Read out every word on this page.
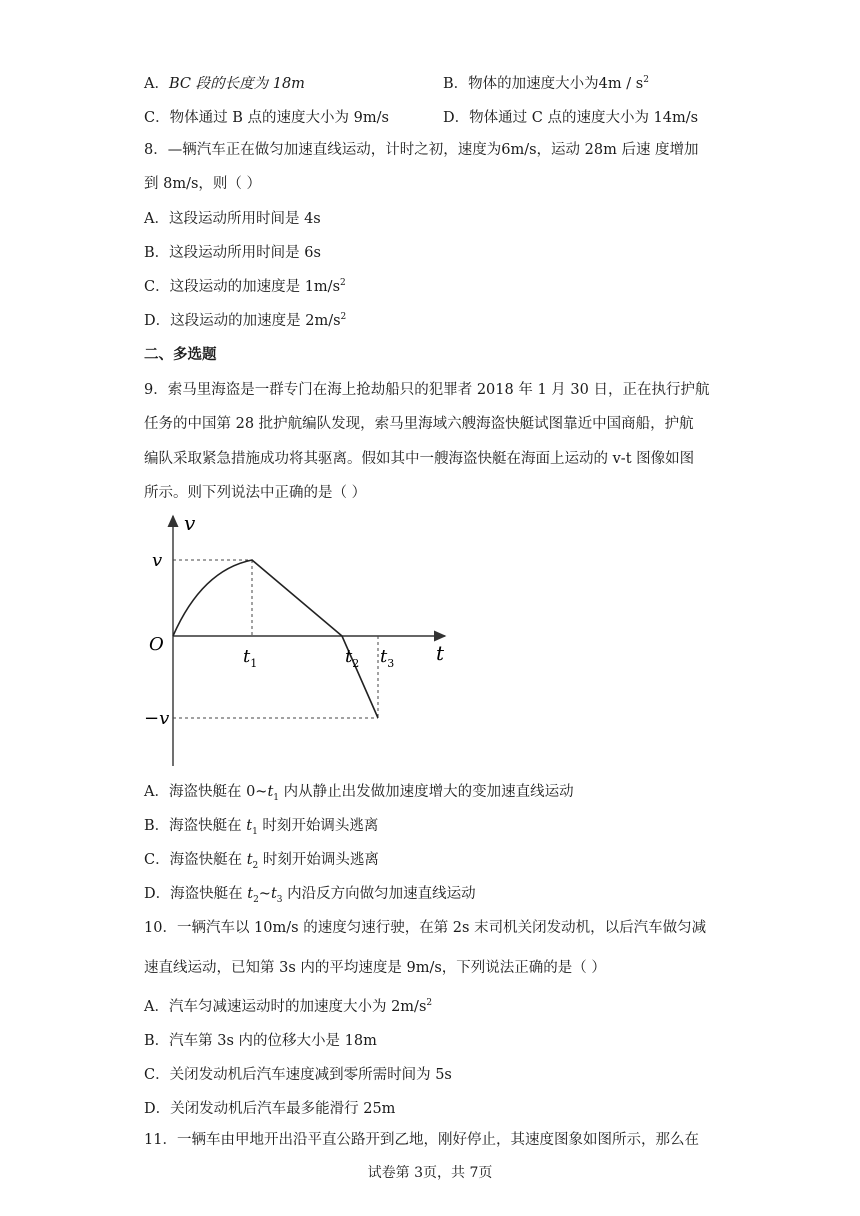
A．BC 段的长度为 18m	B．物体的加速度大小为$4m / s^2$
C．物体通过 B 点的速度大小为 9m/s	D．物体通过 C 点的速度大小为 14m/s
8．—辆汽车正在做匀加速直线运动，计时之初，速度为6m/s，运动 28m 后速 度增加
到 8m/s，则（ ）
A．这段运动所用时间是 4s
B．这段运动所用时间是 6s
C．这段运动的加速度是 $1m/s^2$
D．这段运动的加速度是 $2m/s^2$
二、多选题
9．索马里海盗是一群专门在海上抢劫船只的犯罪者 2018 年 1 月 30 日，正在执行护航
任务的中国第 28 批护航编队发现，索马里海域六艘海盗快艇试图靠近中国商船，护航
编队采取紧急措施成功将其驱离。假如其中一艘海盗快艇在海面上运动的 v-t 图像如图
所示。则下列说法中正确的是（ ）
v
t
O
v
−v
$t_1$	$t_2$ $t_3$
A．海盗快艇在 $0\sim t_1$ 内从静止出发做加速度增大的变加速直线运动
B．海盗快艇在 $t_1$ 时刻开始调头逃离
C．海盗快艇在 $t_2$ 时刻开始调头逃离
D．海盗快艇在 $t_2\sim t_3$ 内沿反方向做匀加速直线运动
10．一辆汽车以 10m/s 的速度匀速行驶，在第 2s 末司机关闭发动机，以后汽车做匀减
速直线运动，已知第 3s 内的平均速度是 9m/s，下列说法正确的是（ ）
A．汽车匀减速运动时的加速度大小为 $2m/s^2$
B．汽车第 3s 内的位移大小是 18m
C．关闭发动机后汽车速度减到零所需时间为 5s
D．关闭发动机后汽车最多能滑行 25m
11．一辆车由甲地开出沿平直公路开到乙地，刚好停止，其速度图象如图所示，那么在
试卷第 3页，共 7页
